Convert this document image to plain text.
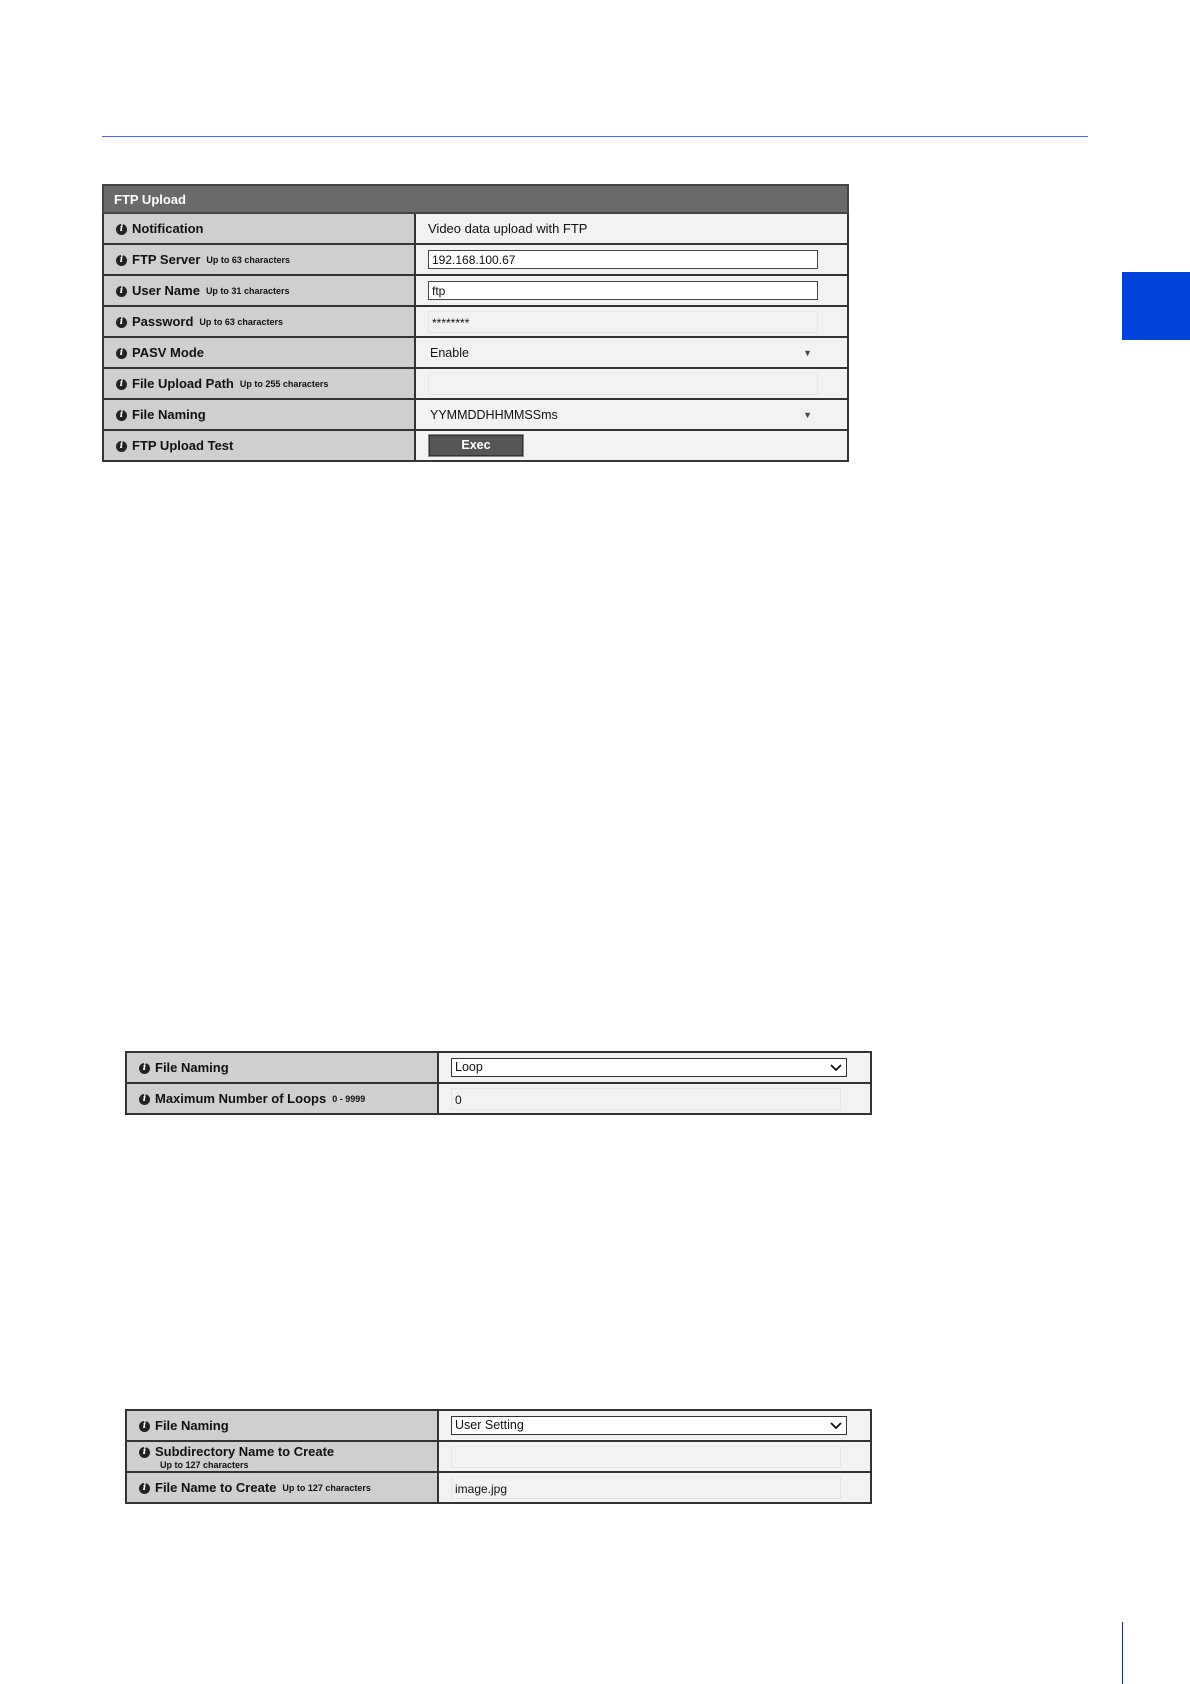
FTP Upload	
i Notification	Video data upload with FTP
i FTP Server Up to 63 characters	192.168.100.67

i User Name Up to 31 characters	ftp

i Password Up to 63 characters	********

i PASV Mode	Enable ▼

i File Upload Path Up to 255 characters	

i File Naming	YYMMDDHHMMSSms ▼

i FTP Upload Test	Exec
i File Naming	Loop

i Maximum Number of Loops 0 - 9999	0
i File Naming	User Setting

i Subdirectory Name to Create
Up to 127 characters	

i File Name to Create Up to 127 characters	image.jpg
